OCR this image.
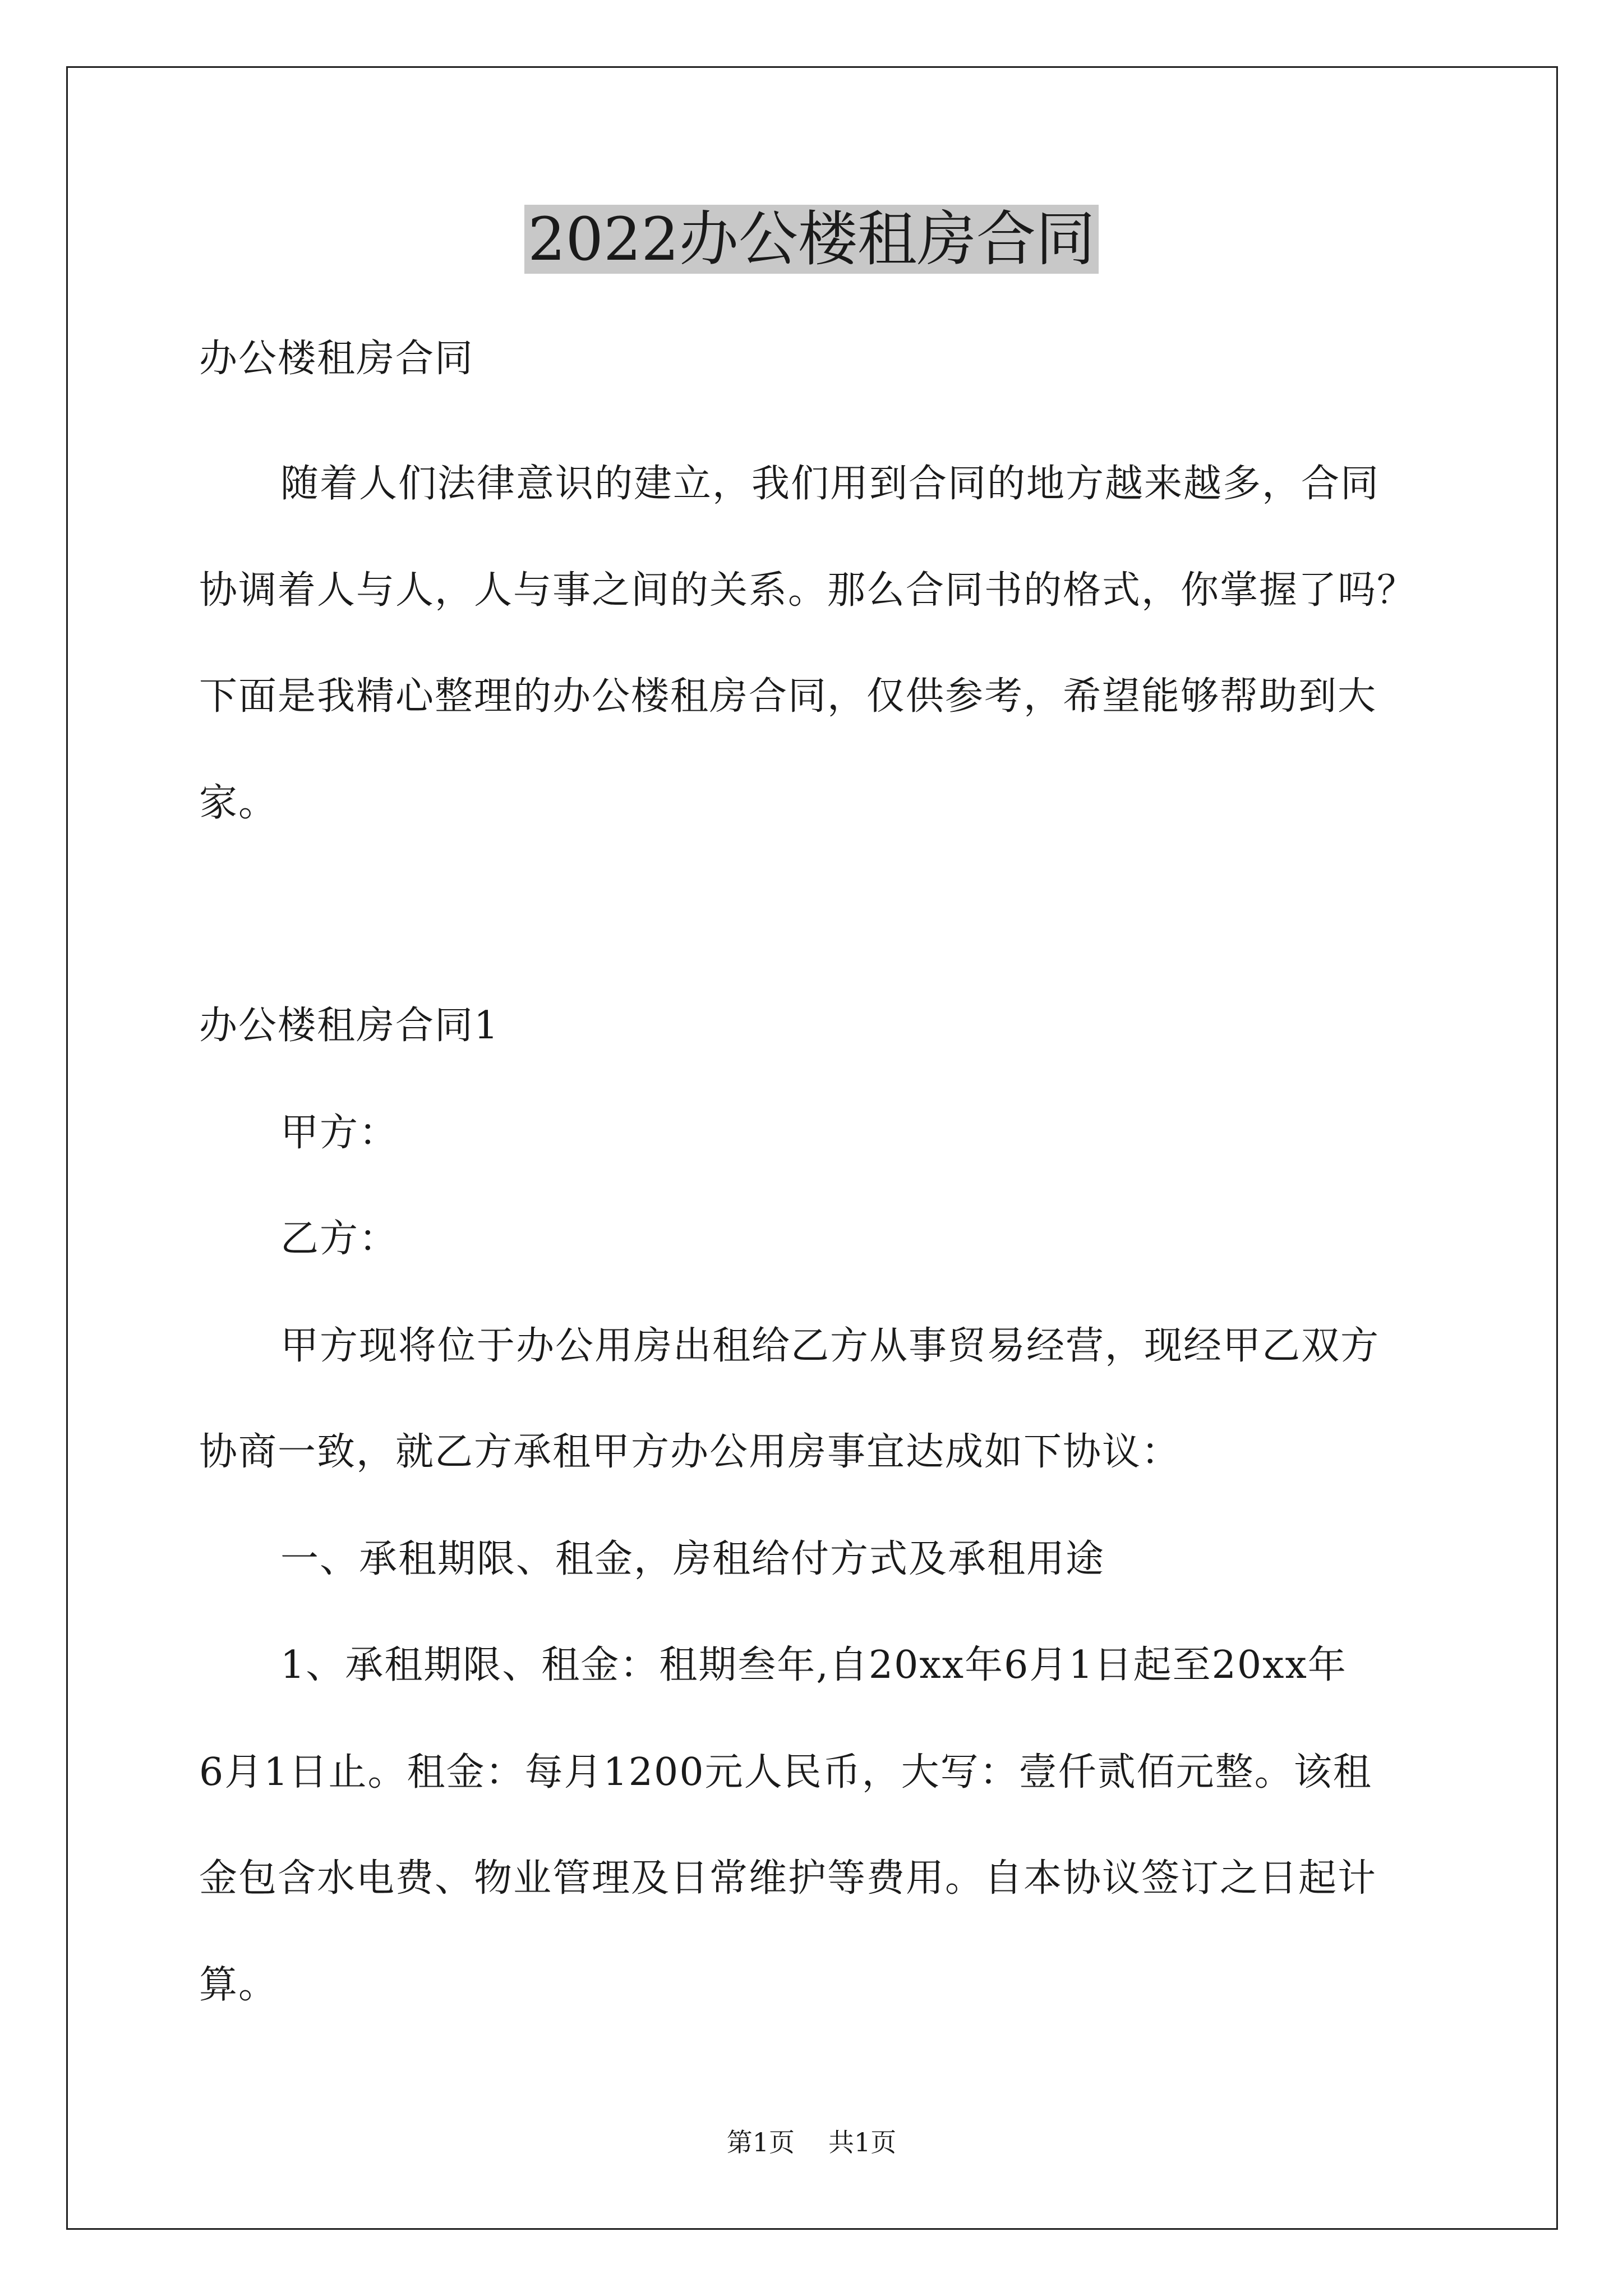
2022办公楼租房合同
办公楼租房合同
随着人们法律意识的建立，我们用到合同的地方越来越多，合同
协调着人与人，人与事之间的关系。那么合同书的格式，你掌握了吗？
下面是我精心整理的办公楼租房合同，仅供参考，希望能够帮助到大
家。
办公楼租房合同1
甲方：
乙方：
甲方现将位于办公用房出租给乙方从事贸易经营，现经甲乙双方
协商一致，就乙方承租甲方办公用房事宜达成如下协议：
一、承租期限、租金，房租给付方式及承租用途
1、承租期限、租金：租期叁年,自20xx年6月1日起至20xx年
6月1日止。租金：每月1200元人民币，大写：壹仟贰佰元整。该租
金包含水电费、物业管理及日常维护等费用。自本协议签订之日起计
算。
第1页 共1页
